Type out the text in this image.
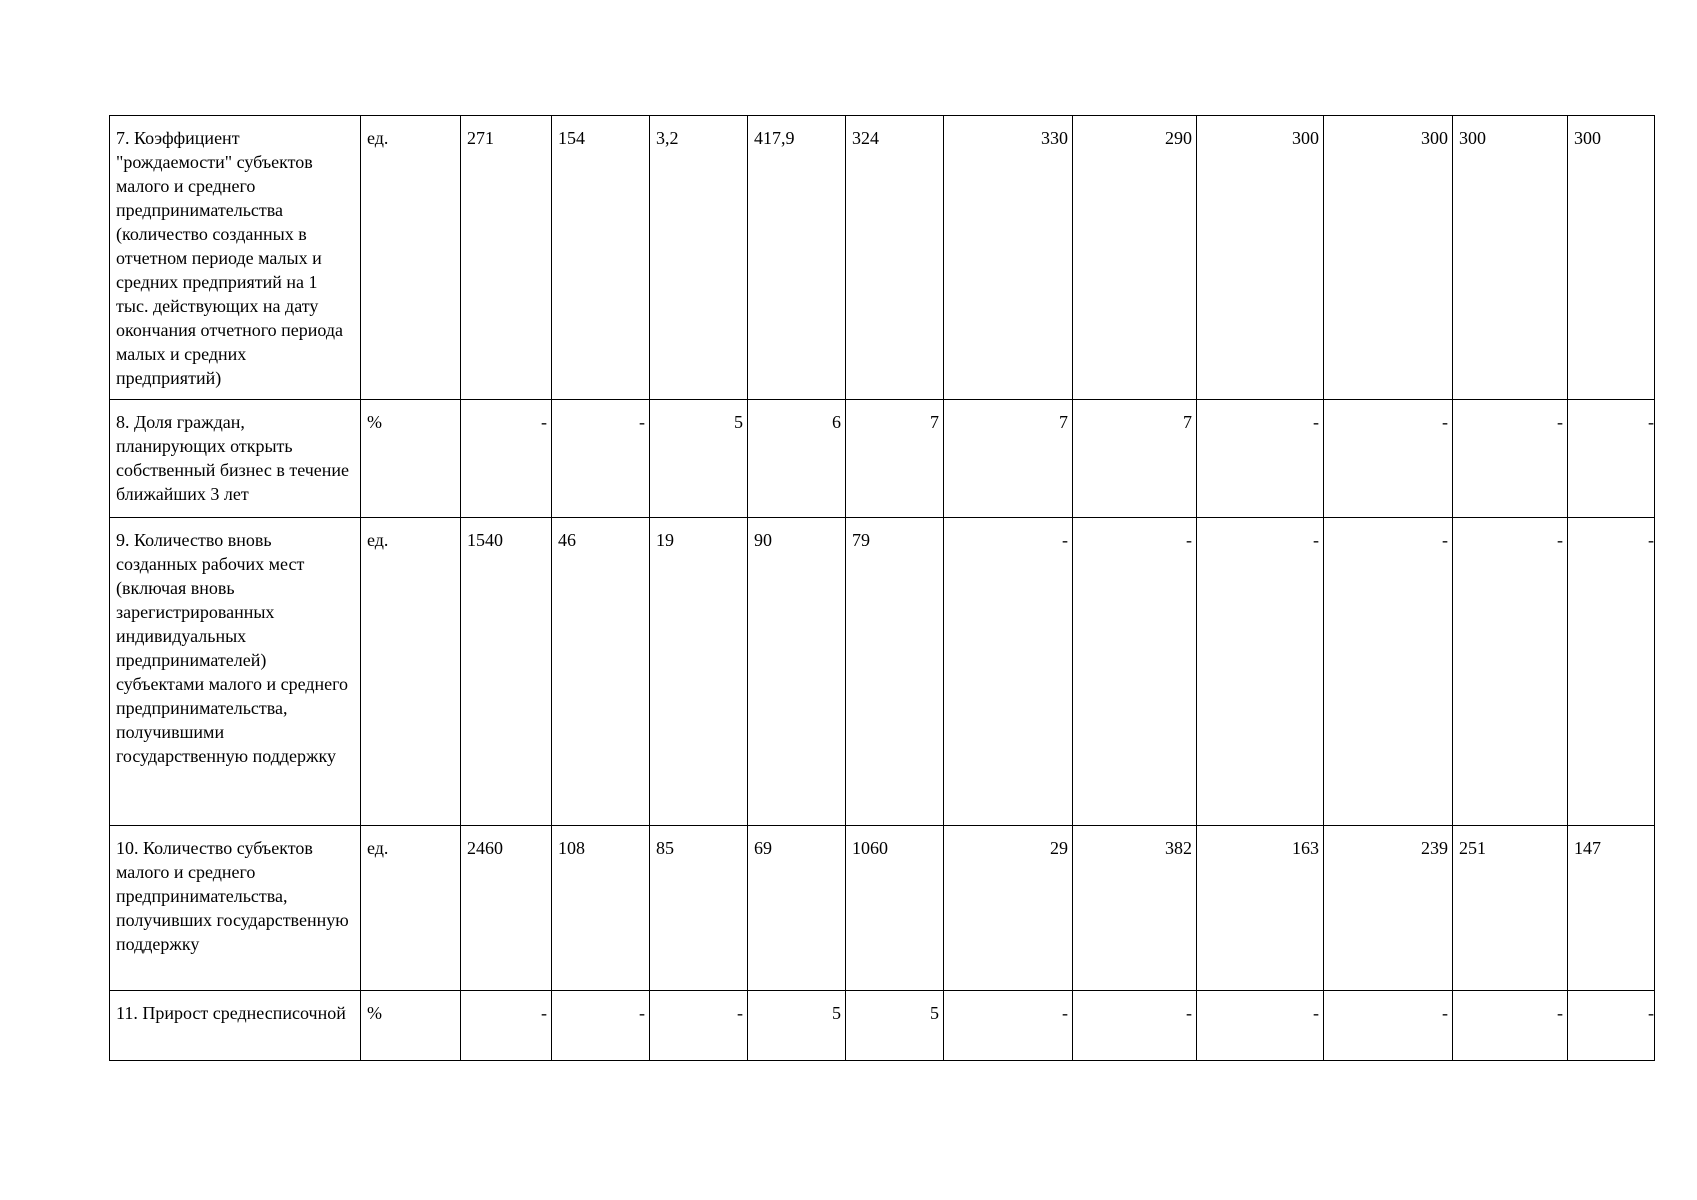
7. Коэффициент "рождаемости" субъектов малого и среднего предпринимательства (количество созданных в отчетном периоде малых и средних предприятий на 1 тыс. действующих на дату окончания отчетного периода малых и средних предприятий)	ед.	271	154	3,2	417,9	324	330	290	300	300	300	300
8. Доля граждан, планирующих открыть собственный бизнес в течение ближайших 3 лет	%	-	-	5	6	7	7	7	-	-	-	-
9. Количество вновь созданных рабочих мест (включая вновь зарегистрированных индивидуальных предпринимателей) субъектами малого и среднего предпринимательства, получившими государственную поддержку	ед.	1540	46	19	90	79	-	-	-	-	-	-
10. Количество субъектов малого и среднего предпринимательства, получивших государственную поддержку	ед.	2460	108	85	69	1060	29	382	163	239	251	147
11. Прирост среднесписочной	%	-	-	-	5	5	-	-	-	-	-	-
